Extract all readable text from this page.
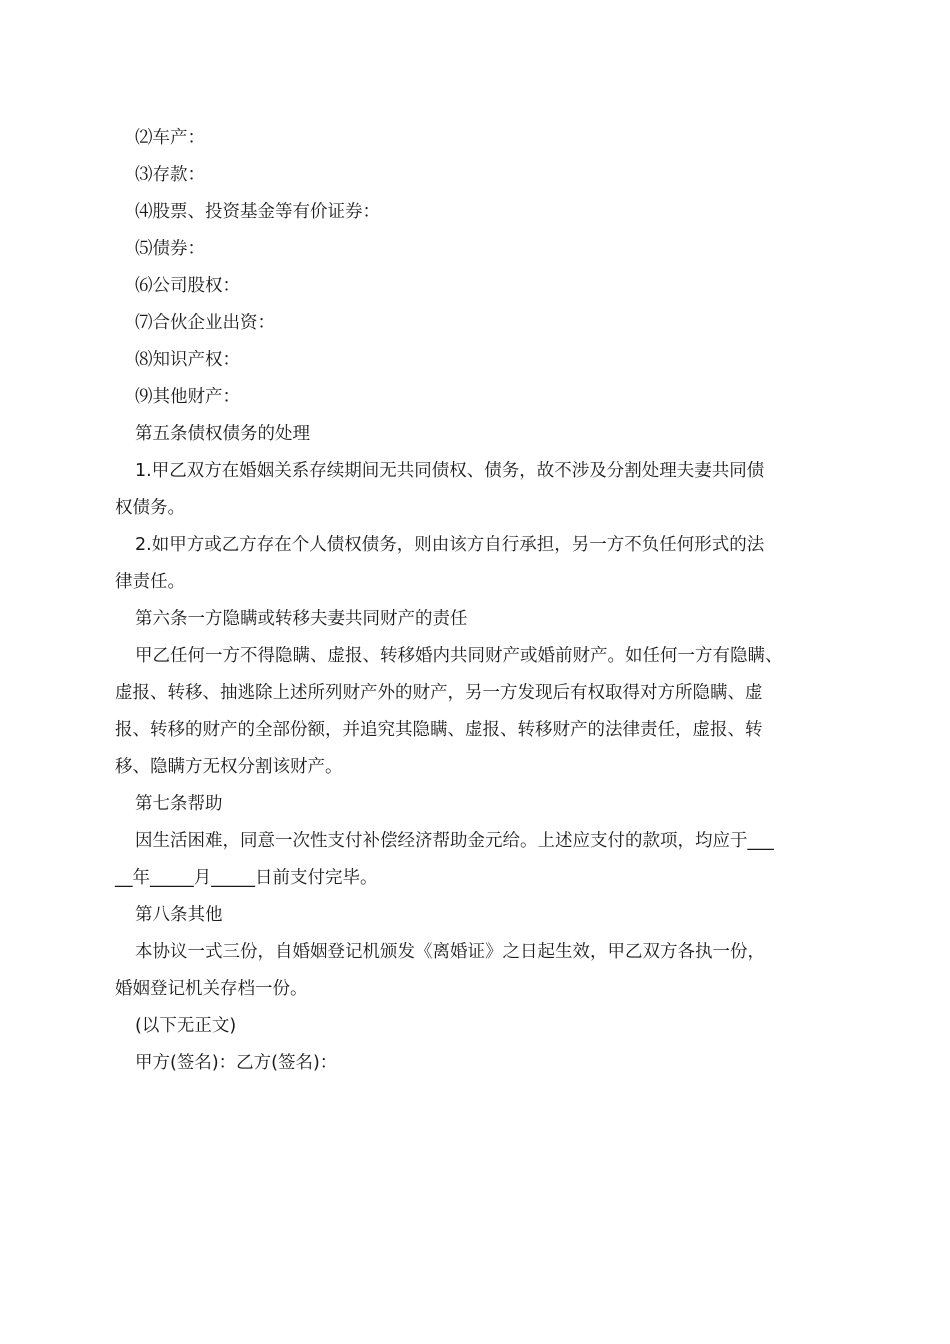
⑵车产：

⑶存款：

⑷股票、投资基金等有价证券：

⑸债券：

⑹公司股权：

⑺合伙企业出资：

⑻知识产权：

⑼其他财产：

第五条债权债务的处理

1.甲乙双方在婚姻关系存续期间无共同债权、债务，故不涉及分割处理夫妻共同债

权债务。

2.如甲方或乙方存在个人债权债务，则由该方自行承担，另一方不负任何形式的法

律责任。

第六条一方隐瞒或转移夫妻共同财产的责任

甲乙任何一方不得隐瞒、虚报、转移婚内共同财产或婚前财产。如任何一方有隐瞒、

虚报、转移、抽逃除上述所列财产外的财产，另一方发现后有权取得对方所隐瞒、虚

报、转移的财产的全部份额，并追究其隐瞒、虚报、转移财产的法律责任，虚报、转

移、隐瞒方无权分割该财产。

第七条帮助

因生活困难，同意一次性支付补偿经济帮助金元给。上述应支付的款项，均应于___

__年_____月_____日前支付完毕。

第八条其他

本协议一式三份，自婚姻登记机颁发《离婚证》之日起生效，甲乙双方各执一份，

婚姻登记机关存档一份。

(以下无正文)

甲方(签名)：乙方(签名)：
